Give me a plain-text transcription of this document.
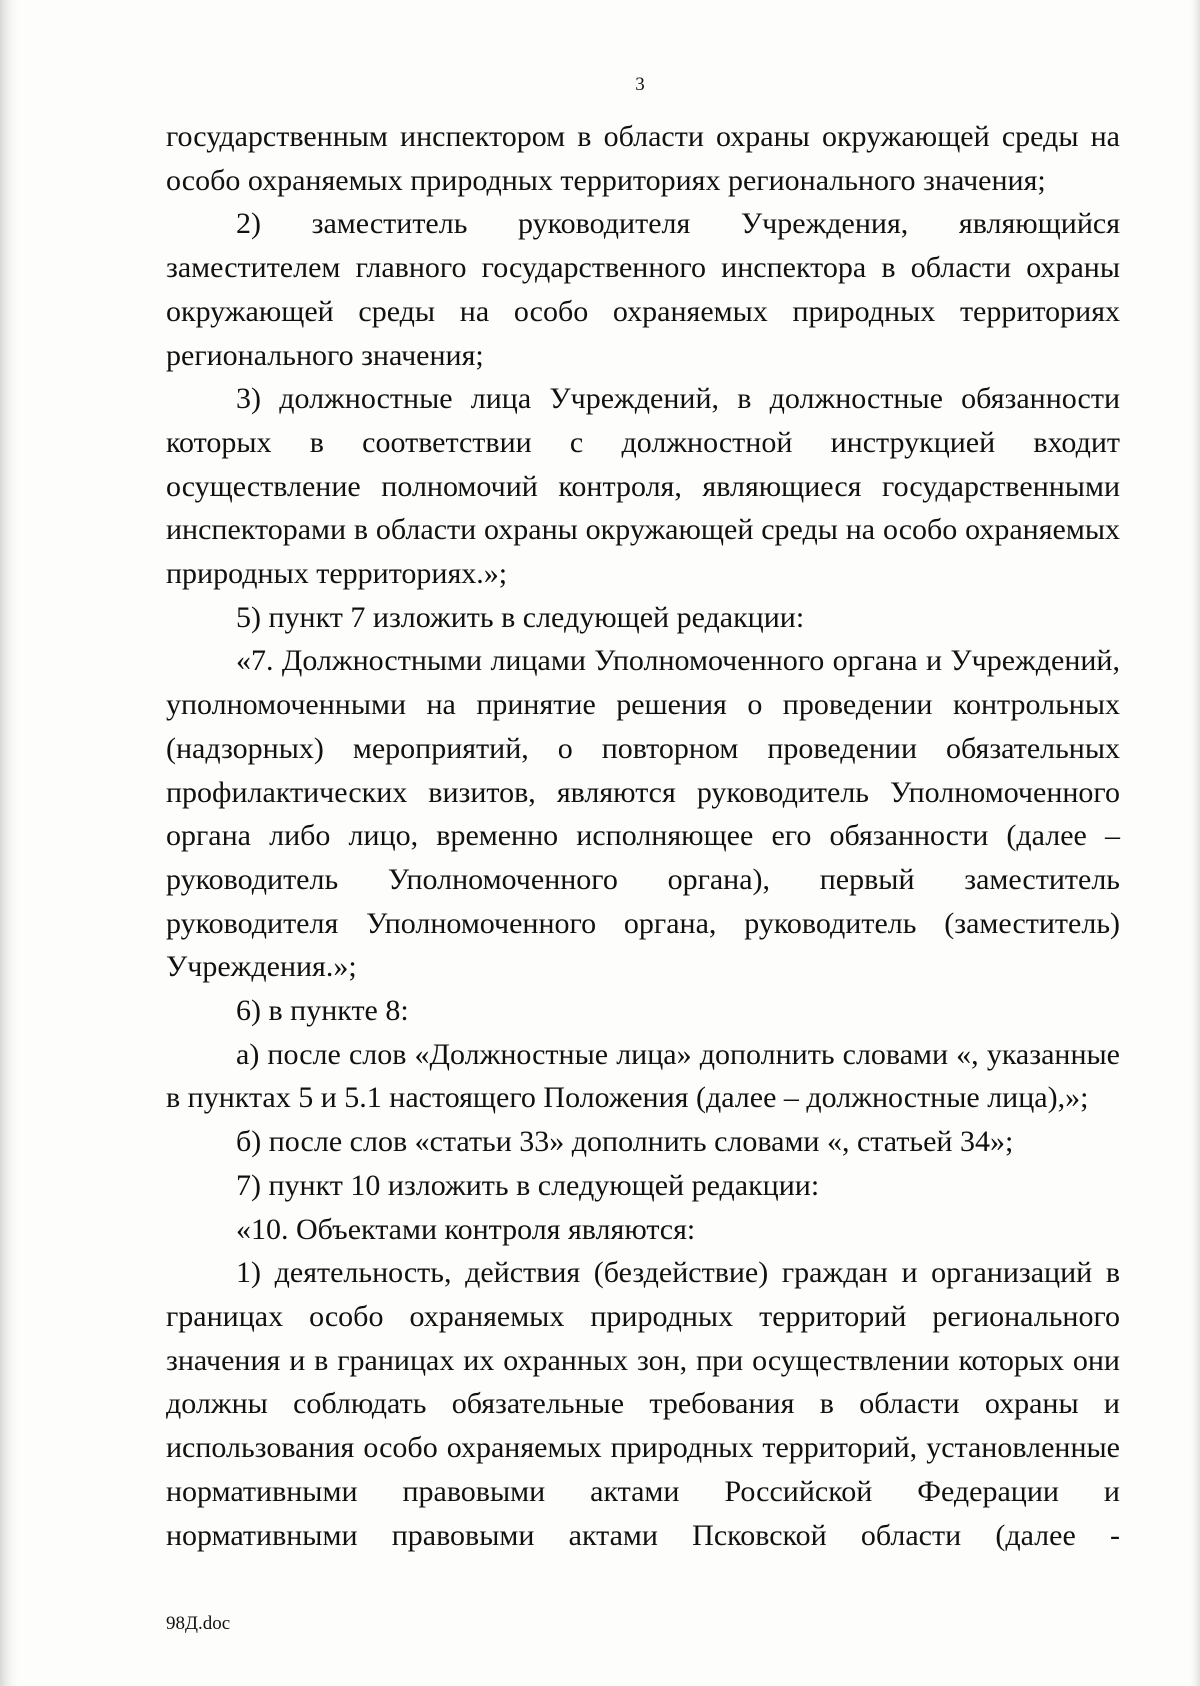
3

государственным инспектором в области охраны окружающей среды на особо охраняемых природных территориях регионального значения;

2) заместитель руководителя Учреждения, являющийся заместителем главного государственного инспектора в области охраны окружающей среды на особо охраняемых природных территориях регионального значения;

3) должностные лица Учреждений, в должностные обязанности которых в соответствии с должностной инструкцией входит осуществление полномочий контроля, являющиеся государственными инспекторами в области охраны окружающей среды на особо охраняемых природных территориях.»;

5) пункт 7 изложить в следующей редакции:

«7. Должностными лицами Уполномоченного органа и Учреждений, уполномоченными на принятие решения о проведении контрольных (надзорных) мероприятий, о повторном проведении обязательных профилактических визитов, являются руководитель Уполномоченного органа либо лицо, временно исполняющее его обязанности (далее – руководитель Уполномоченного органа), первый заместитель руководителя Уполномоченного органа, руководитель (заместитель) Учреждения.»;

6) в пункте 8:

а) после слов «Должностные лица» дополнить словами «, указанные в пунктах 5 и 5.1 настоящего Положения (далее – должностные лица),»;

б) после слов «статьи 33» дополнить словами «, статьей 34»;

7) пункт 10 изложить в следующей редакции:

«10. Объектами контроля являются:

1) деятельность, действия (бездействие) граждан и организаций в границах особо охраняемых природных территорий регионального значения и в границах их охранных зон, при осуществлении которых они должны соблюдать обязательные требования в области охраны и использования особо охраняемых природных территорий, установленные нормативными правовыми актами Российской Федерации и нормативными правовыми актами Псковской области (далее -

98Д.doc
